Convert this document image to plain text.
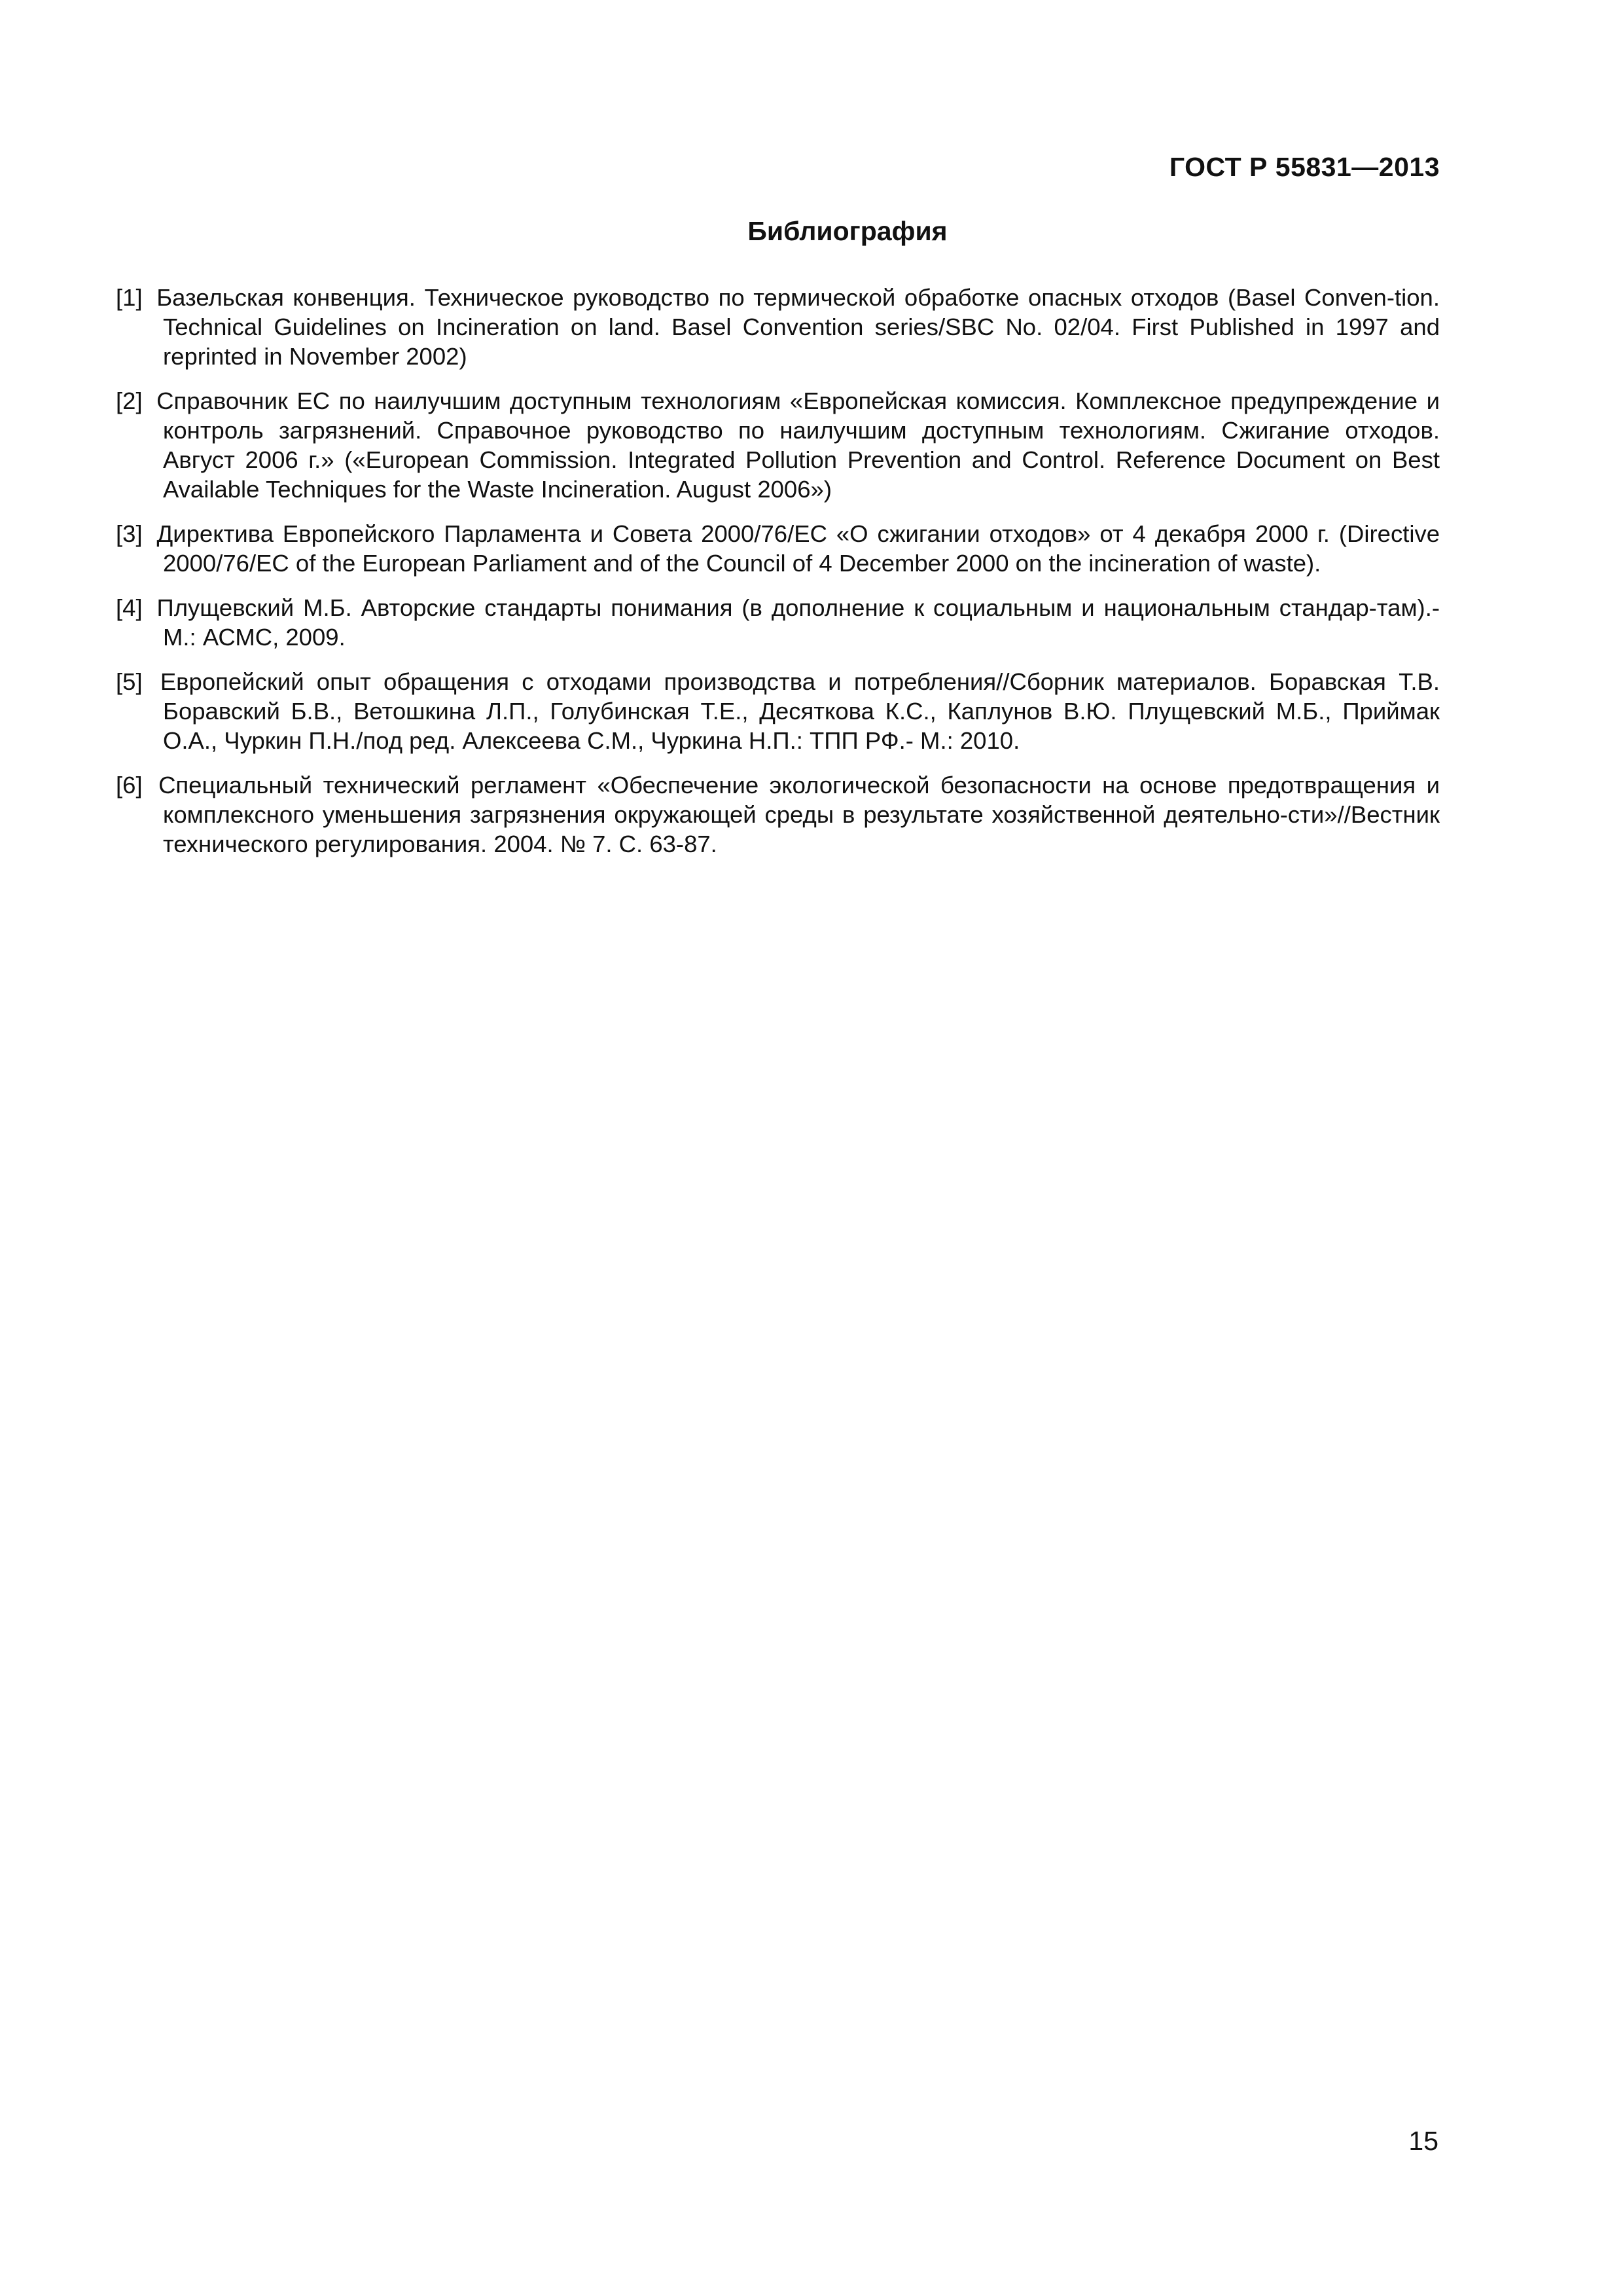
ГОСТ Р 55831—2013
Библиография
[1] Базельская конвенция. Техническое руководство по термической обработке опасных отходов (Basel Conven-tion. Technical Guidelines on Incineration on land. Basel Convention series/SBC No. 02/04. First Published in 1997 and reprinted in November 2002)
[2] Справочник ЕС по наилучшим доступным технологиям «Европейская комиссия. Комплексное предупреждение и контроль загрязнений. Справочное руководство по наилучшим доступным технологиям. Сжигание отходов. Август 2006 г.» («European Commission. Integrated Pollution Prevention and Control. Reference Document on Best Available Techniques for the Waste Incineration. August 2006»)
[3] Директива Европейского Парламента и Совета 2000/76/ЕС «О сжигании отходов» от 4 декабря 2000 г. (Directive 2000/76/EC of the European Parliament and of the Council of 4 December 2000 on the incineration of waste).
[4] Плущевский М.Б. Авторские стандарты понимания (в дополнение к социальным и национальным стандар-там).- М.: АСМС, 2009.
[5] Европейский опыт обращения с отходами производства и потребления//Сборник материалов. Боравская Т.В. Боравский Б.В., Ветошкина Л.П., Голубинская Т.Е., Десяткова К.С., Каплунов В.Ю. Плущевский М.Б., Приймак О.А., Чуркин П.Н./под ред. Алексеева С.М., Чуркина Н.П.: ТПП РФ.- М.: 2010.
[6] Специальный технический регламент «Обеспечение экологической безопасности на основе предотвращения и комплексного уменьшения загрязнения окружающей среды в результате хозяйственной деятельно-сти»//Вестник технического регулирования. 2004. № 7. С. 63-87.
15
